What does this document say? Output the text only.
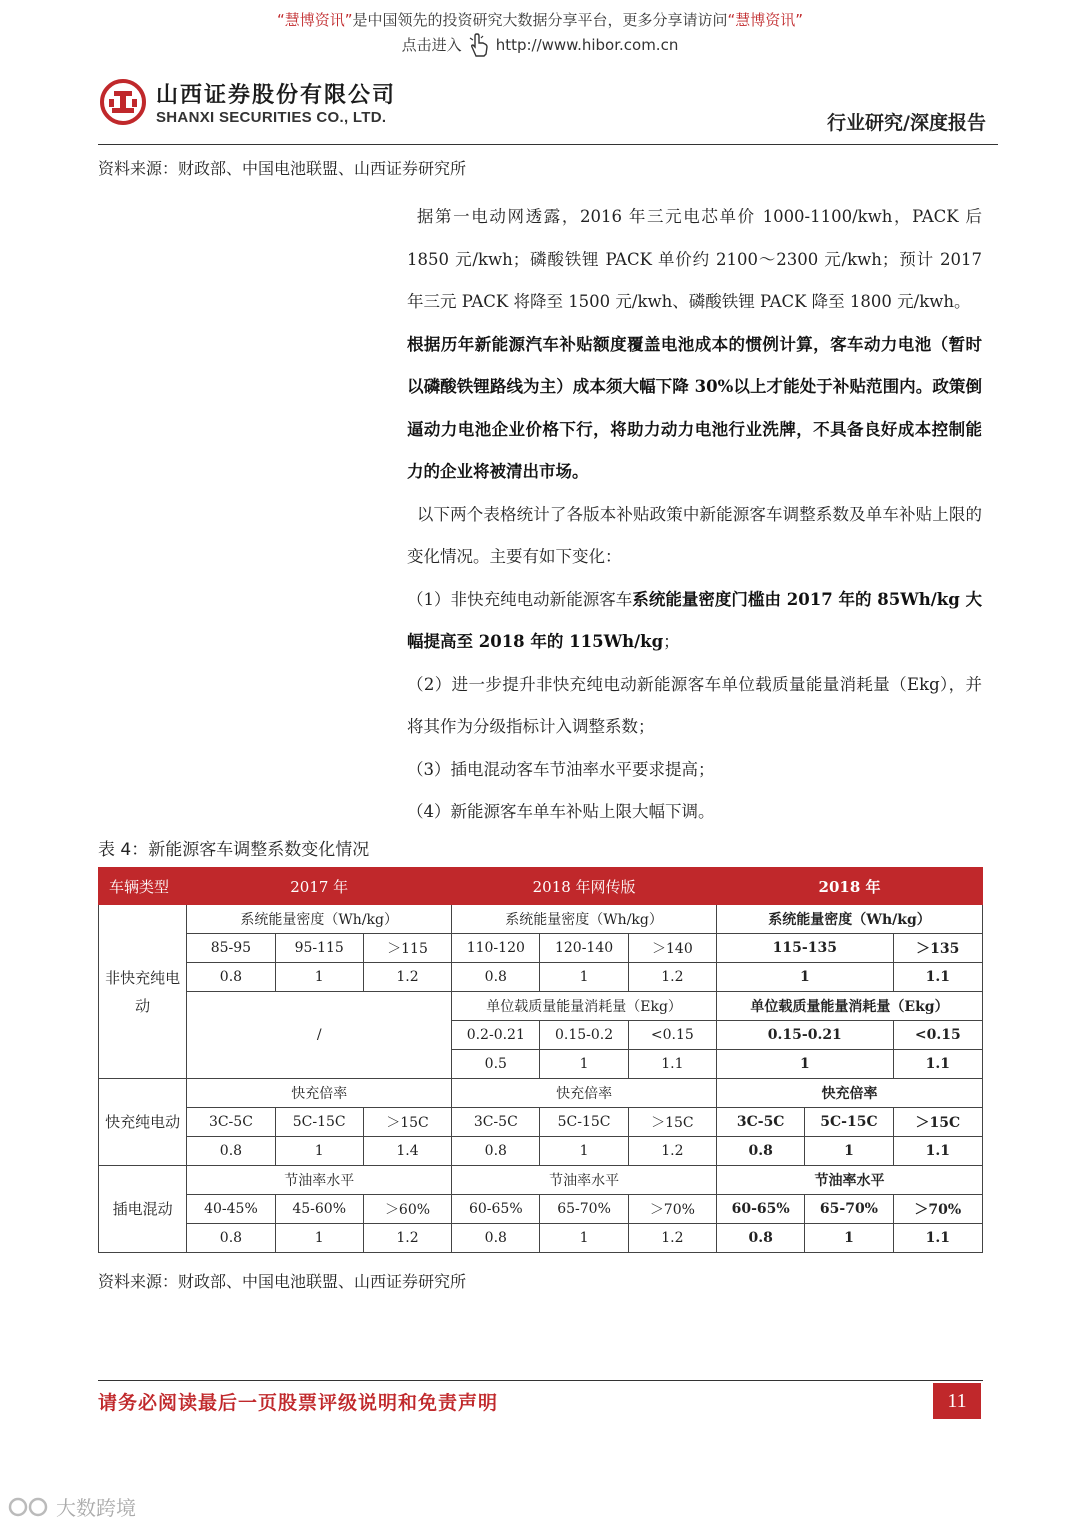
“慧博资讯”是中国领先的投资研究大数据分享平台，更多分享请访问“慧博资讯”
点击进入 http://www.hibor.com.cn
山西证券股份有限公司
SHANXI SECURITIES CO., LTD.	行业研究/深度报告
资料来源：财政部、中国电池联盟、山西证券研究所

据第一电动网透露，2016 年三元电芯单价 1000-1100/kwh，PACK 后 1850 元/kwh；磷酸铁锂 PACK 单价约 2100～2300 元/kwh；预计 2017 年三元 PACK 将降至 1500 元/kwh、磷酸铁锂 PACK 降至 1800 元/kwh。

根据历年新能源汽车补贴额度覆盖电池成本的惯例计算，客车动力电池（暂时以磷酸铁锂路线为主）成本须大幅下降 30%以上才能处于补贴范围内。政策倒逼动力电池企业价格下行，将助力动力电池行业洗牌，不具备良好成本控制能力的企业将被清出市场。

以下两个表格统计了各版本补贴政策中新能源客车调整系数及单车补贴上限的变化情况。主要有如下变化：

（1）非快充纯电动新能源客车系统能量密度门槛由 2017 年的 85Wh/kg 大幅提高至 2018 年的 115Wh/kg；

（2）进一步提升非快充纯电动新能源客车单位载质量能量消耗量（Ekg），并将其作为分级指标计入调整系数；

（3）插电混动客车节油率水平要求提高；

（4）新能源客车单车补贴上限大幅下调。

表 4：新能源客车调整系数变化情况
车辆类型	2017 年			2018 年网传版			2018 年		
非快充纯电动	系统能量密度（Wh/kg）			系统能量密度（Wh/kg）			系统能量密度（Wh/kg）		
	85-95	95-115	＞115	110-120	120-140	＞140	115-135		＞135
	0.8	1	1.2	0.8	1	1.2	1		1.1
	/			单位载质量能量消耗量（Ekg）			单位载质量能量消耗量（Ekg）		
				0.2-0.21	0.15-0.2	<0.15	0.15-0.21		<0.15
				0.5	1	1.1	1		1.1
快充纯电动	快充倍率			快充倍率			快充倍率		
	3C-5C	5C-15C	＞15C	3C-5C	5C-15C	＞15C	3C-5C	5C-15C	＞15C
	0.8	1	1.4	0.8	1	1.2	0.8	1	1.1
插电混动	节油率水平			节油率水平			节油率水平		
	40-45%	45-60%	＞60%	60-65%	65-70%	＞70%	60-65%	65-70%	＞70%
	0.8	1	1.2	0.8	1	1.2	0.8	1	1.1
资料来源：财政部、中国电池联盟、山西证券研究所
请务必阅读最后一页股票评级说明和免责声明	11
大数跨境
